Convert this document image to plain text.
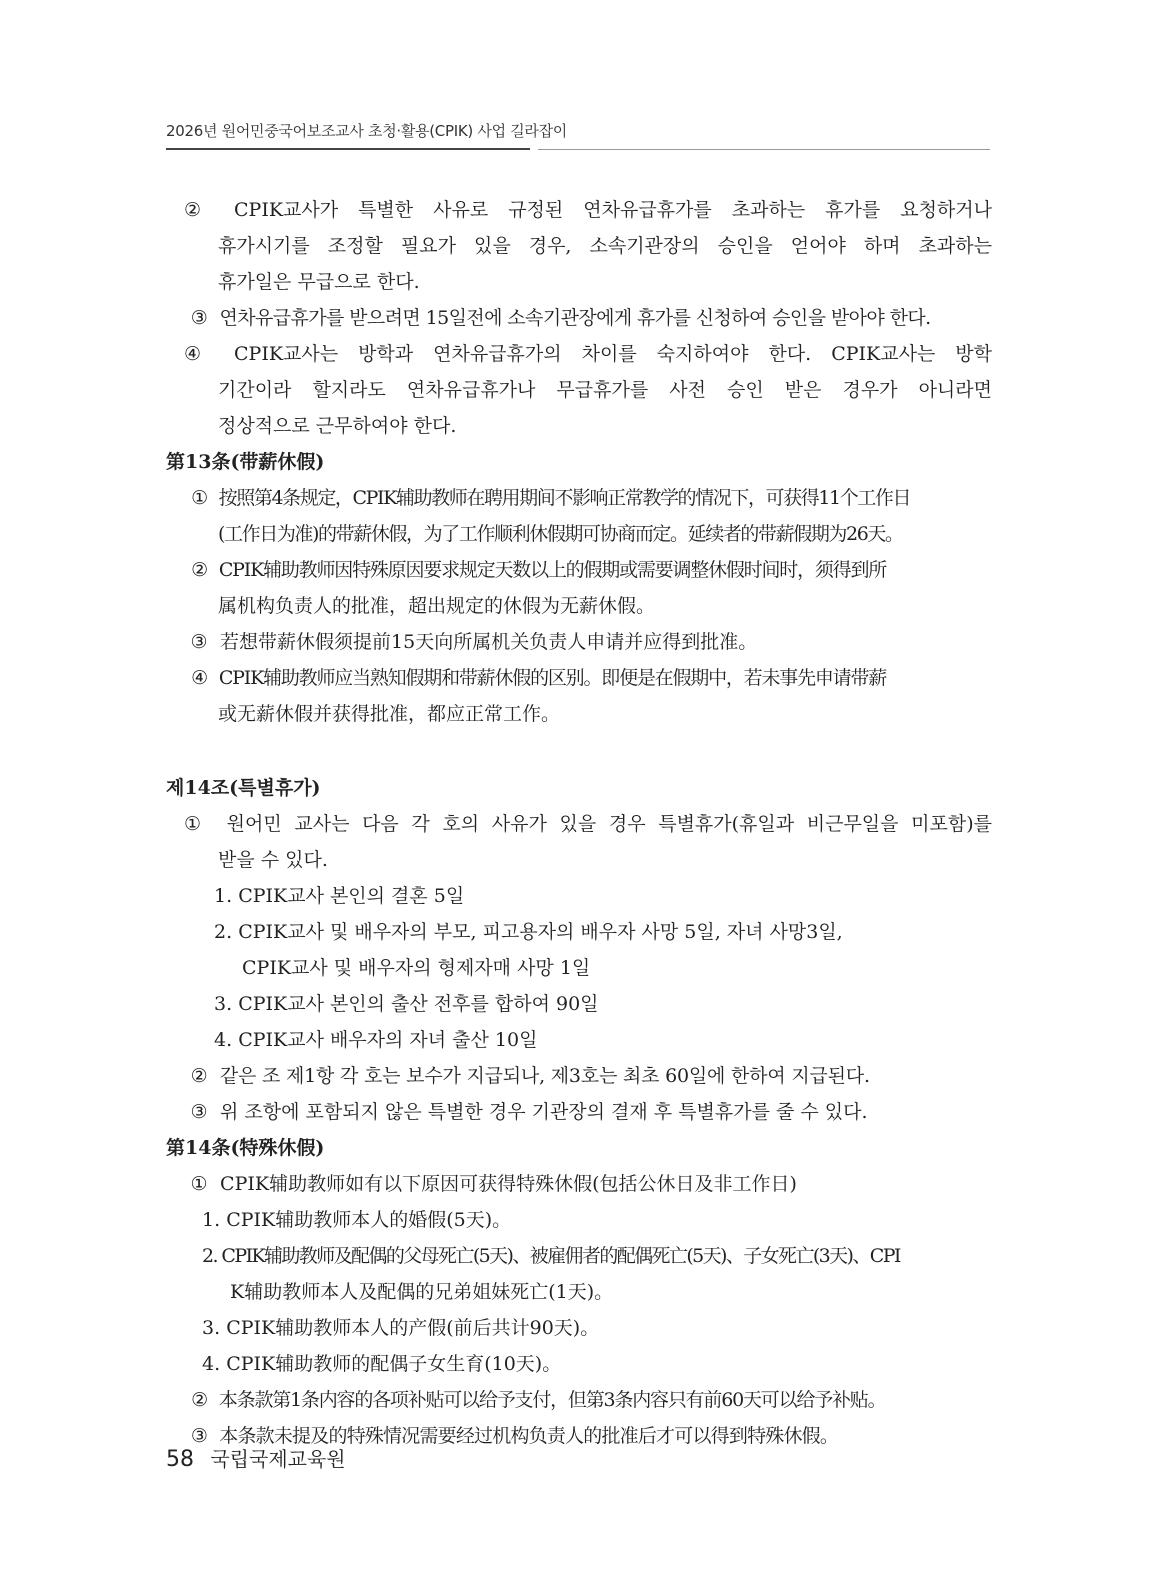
2026년 원어민중국어보조교사 초청·활용(CPIK) 사업 길라잡이
② CPIK교사가 특별한 사유로 규정된 연차유급휴가를 초과하는 휴가를 요청하거나
휴가시기를 조정할 필요가 있을 경우, 소속기관장의 승인을 얻어야 하며 초과하는
휴가일은 무급으로 한다.
③ 연차유급휴가를 받으려면 15일전에 소속기관장에게 휴가를 신청하여 승인을 받아야 한다.
④ CPIK교사는 방학과 연차유급휴가의 차이를 숙지하여야 한다. CPIK교사는 방학
기간이라 할지라도 연차유급휴가나 무급휴가를 사전 승인 받은 경우가 아니라면
정상적으로 근무하여야 한다.
第13条(带薪休假)
① 按照第4条规定，CPIK辅助教师在聘用期间不影响正常教学的情况下，可获得11个工作日
(工作日为准)的带薪休假，为了工作顺利休假期可协商而定。延续者的带薪假期为26天。
② CPIK辅助教师因特殊原因要求规定天数以上的假期或需要调整休假时间时，须得到所
属机构负责人的批准，超出规定的休假为无薪休假。
③ 若想带薪休假须提前15天向所属机关负责人申请并应得到批准。
④ CPIK辅助教师应当熟知假期和带薪休假的区别。即便是在假期中，若未事先申请带薪
或无薪休假并获得批准，都应正常工作。
제14조(특별휴가)
① 원어민 교사는 다음 각 호의 사유가 있을 경우 특별휴가(휴일과 비근무일을 미포함)를
받을 수 있다.
1. CPIK교사 본인의 결혼 5일
2. CPIK교사 및 배우자의 부모, 피고용자의 배우자 사망 5일, 자녀 사망3일,
CPIK교사 및 배우자의 형제자매 사망 1일
3. CPIK교사 본인의 출산 전후를 합하여 90일
4. CPIK교사 배우자의 자녀 출산 10일
② 같은 조 제1항 각 호는 보수가 지급되나, 제3호는 최초 60일에 한하여 지급된다.
③ 위 조항에 포함되지 않은 특별한 경우 기관장의 결재 후 특별휴가를 줄 수 있다.
第14条(特殊休假)
① CPIK辅助教师如有以下原因可获得特殊休假(包括公休日及非工作日)
1. CPIK辅助教师本人的婚假(5天)。
2. CPIK辅助教师及配偶的父母死亡(5天)、被雇佣者的配偶死亡(5天)、子女死亡(3天)、CPI
K辅助教师本人及配偶的兄弟姐妹死亡(1天)。
3. CPIK辅助教师本人的产假(前后共计90天)。
4. CPIK辅助教师的配偶子女生育(10天)。
② 本条款第1条内容的各项补贴可以给予支付，但第3条内容只有前60天可以给予补贴。
③ 本条款未提及的特殊情况需要经过机构负责人的批准后才可以得到特殊休假。
58 국립국제교육원
